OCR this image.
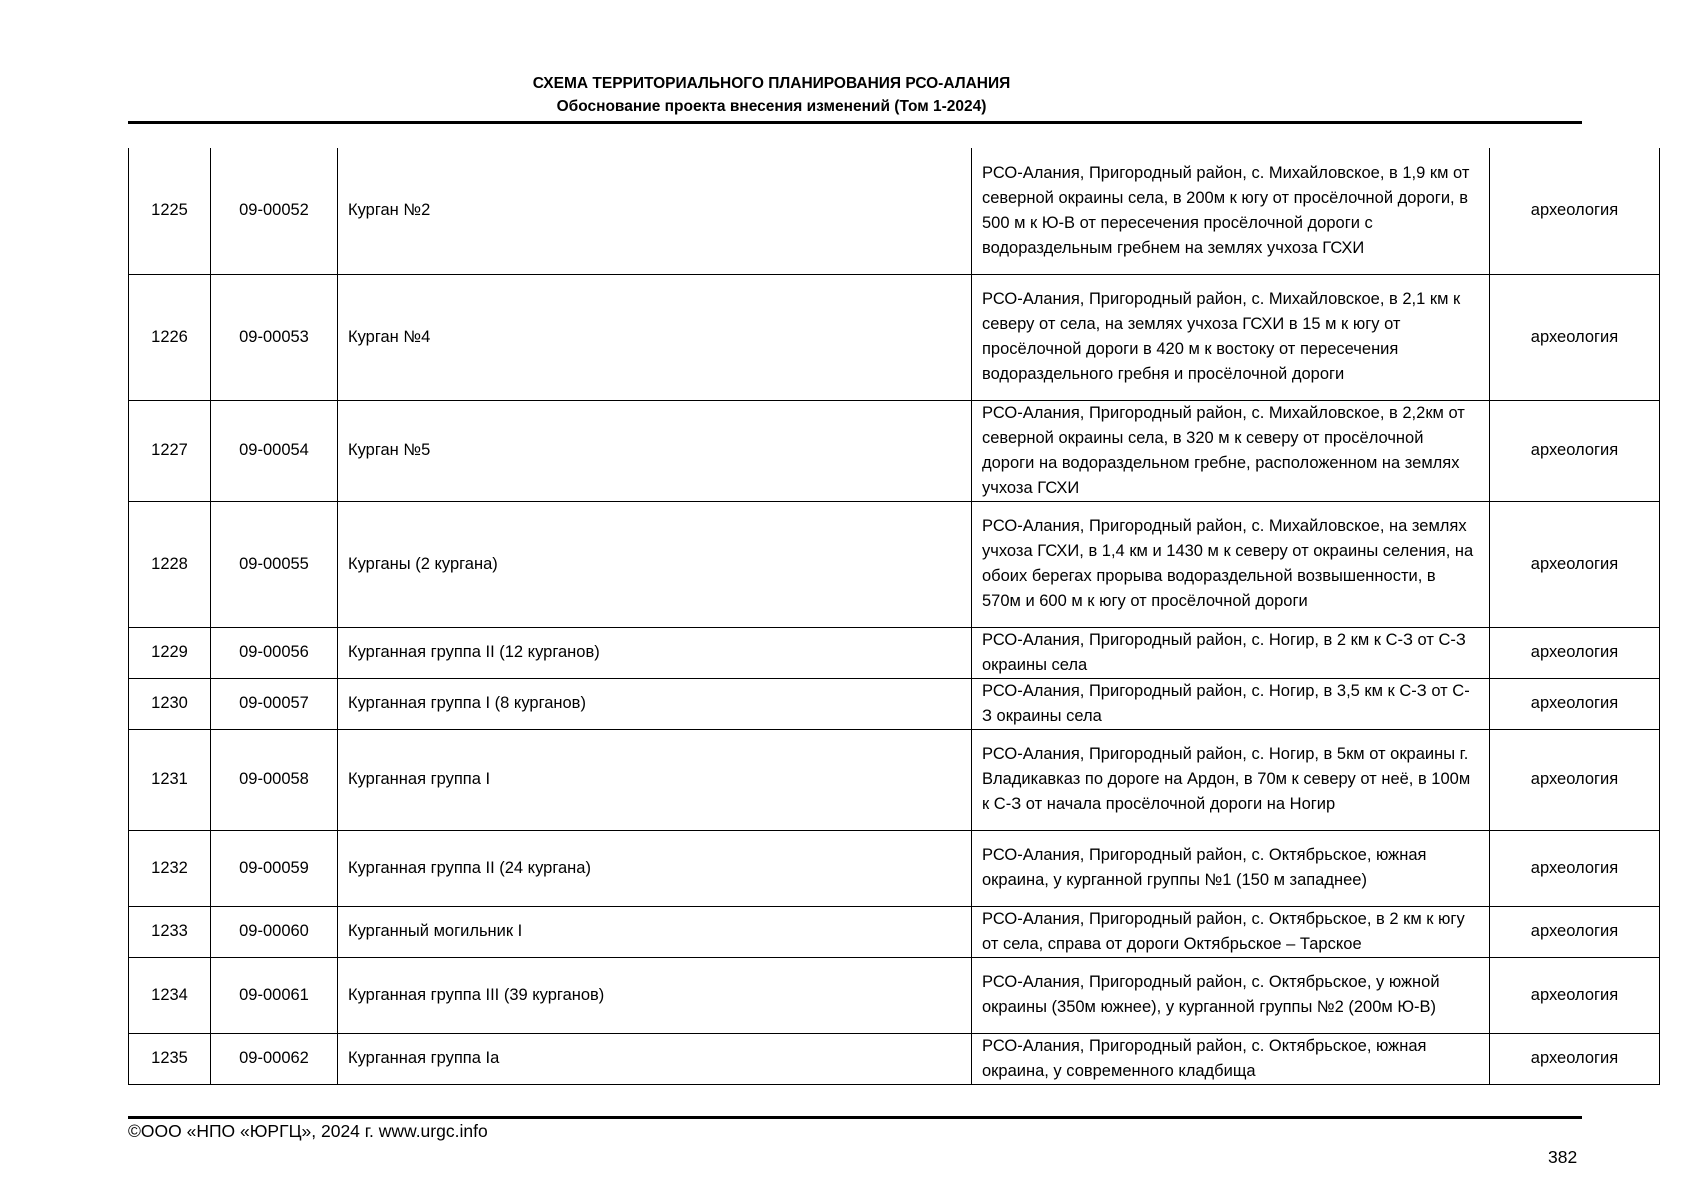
СХЕМА ТЕРРИТОРИАЛЬНОГО ПЛАНИРОВАНИЯ РСО-АЛАНИЯ
Обоснование проекта внесения изменений (Том 1-2024)
1225	09-00052	Курган №2	РСО-Алания, Пригородный район, с. Михайловское, в 1,9 км от северной окраины села, в 200м к югу от просёлочной дороги, в 500 м к Ю-В от пересечения просёлочной дороги с водораздельным гребнем на землях учхоза ГСХИ	археология
1226	09-00053	Курган №4	РСО-Алания, Пригородный район, с. Михайловское, в 2,1 км к северу от села, на землях учхоза ГСХИ в 15 м к югу от просёлочной дороги в 420 м к востоку от пересечения водораздельного гребня и просёлочной дороги	археология
1227	09-00054	Курган №5	РСО-Алания, Пригородный район, с. Михайловское, в 2,2км от северной окраины села, в 320 м к северу от просёлочной дороги на водораздельном гребне, расположенном на землях учхоза ГСХИ	археология
1228	09-00055	Курганы (2 кургана)	РСО-Алания, Пригородный район, с. Михайловское, на землях учхоза ГСХИ, в 1,4 км и 1430 м к северу от окраины селения, на обоих берегах прорыва водораздельной возвышенности, в 570м и 600 м к югу от просёлочной дороги	археология
1229	09-00056	Курганная группа II (12 курганов)	РСО-Алания, Пригородный район, с. Ногир, в 2 км к С-З от С-З окраины села	археология
1230	09-00057	Курганная группа I (8 курганов)	РСО-Алания, Пригородный район, с. Ногир, в 3,5 км к С-З от С-З окраины села	археология
1231	09-00058	Курганная группа I	РСО-Алания, Пригородный район, с. Ногир, в 5км от окраины г. Владикавказ по дороге на Ардон, в 70м к северу от неё, в 100м к С-З от начала просёлочной дороги на Ногир	археология
1232	09-00059	Курганная группа II (24 кургана)	РСО-Алания, Пригородный район, с. Октябрьское, южная окраина, у курганной группы №1 (150 м западнее)	археология
1233	09-00060	Курганный могильник I	РСО-Алания, Пригородный район, с. Октябрьское, в 2 км к югу от села, справа от дороги Октябрьское – Тарское	археология
1234	09-00061	Курганная группа III (39 курганов)	РСО-Алания, Пригородный район, с. Октябрьское, у южной окраины (350м южнее), у курганной группы №2 (200м Ю-В)	археология
1235	09-00062	Курганная группа Ia	РСО-Алания, Пригородный район, с. Октябрьское, южная окраина, у современного кладбища	археология
©ООО «НПО «ЮРГЦ», 2024 г. www.urgc.info
382
